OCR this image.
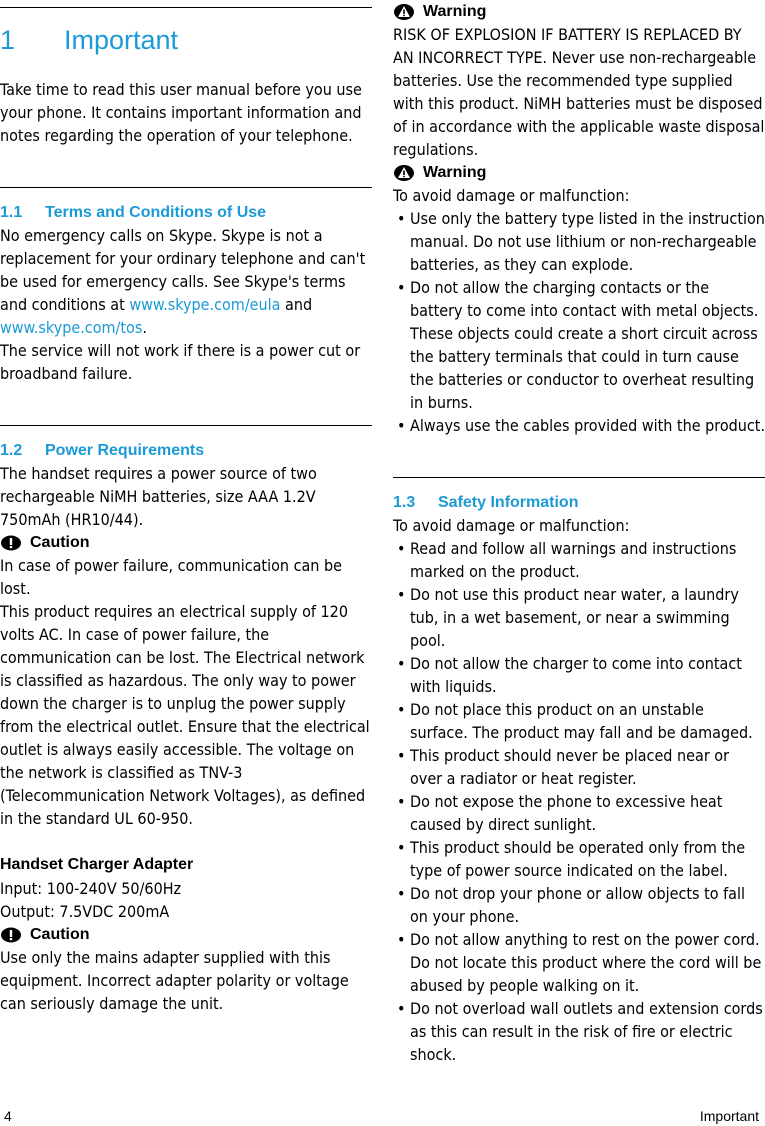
1	Important

Take time to read this user manual before you use your phone. It contains important information and notes regarding the operation of your telephone.

1.1	Terms and Conditions of Use

No emergency calls on Skype. Skype is not a replacement for your ordinary telephone and can't be used for emergency calls. See Skype's terms and conditions at www.skype.com/eula and www.skype.com/tos.

The service will not work if there is a power cut or broadband failure.

1.2	Power Requirements

The handset requires a power source of two rechargeable NiMH batteries, size AAA 1.2V 750mAh (HR10/44).

Caution

In case of power failure, communication can be lost.

This product requires an electrical supply of 120 volts AC. In case of power failure, the communication can be lost. The Electrical network is classified as hazardous. The only way to power down the charger is to unplug the power supply from the electrical outlet. Ensure that the electrical outlet is always easily accessible. The voltage on the network is classified as TNV-3 (Telecommunication Network Voltages), as defined in the standard UL 60-950.

Handset Charger Adapter

Input: 100-240V 50/60Hz

Output: 7.5VDC 200mA

Caution

Use only the mains adapter supplied with this equipment. Incorrect adapter polarity or voltage can seriously damage the unit.

Warning

RISK OF EXPLOSION IF BATTERY IS REPLACED BY AN INCORRECT TYPE. Never use non-rechargeable batteries. Use the recommended type supplied with this product. NiMH batteries must be disposed of in accordance with the applicable waste disposal regulations.

Warning

To avoid damage or malfunction:

• Use only the battery type listed in the instruction manual. Do not use lithium or non-rechargeable batteries, as they can explode.
• Do not allow the charging contacts or the battery to come into contact with metal objects. These objects could create a short circuit across the battery terminals that could in turn cause the batteries or conductor to overheat resulting in burns.
• Always use the cables provided with the product.
1.3	Safety Information

To avoid damage or malfunction:

• Read and follow all warnings and instructions marked on the product.
• Do not use this product near water, a laundry tub, in a wet basement, or near a swimming pool.
• Do not allow the charger to come into contact with liquids.
• Do not place this product on an unstable surface. The product may fall and be damaged.
• This product should never be placed near or over a radiator or heat register.
• Do not expose the phone to excessive heat caused by direct sunlight.
• This product should be operated only from the type of power source indicated on the label.
• Do not drop your phone or allow objects to fall on your phone.
• Do not allow anything to rest on the power cord. Do not locate this product where the cord will be abused by people walking on it.
• Do not overload wall outlets and extension cords as this can result in the risk of fire or electric shock.
4	Important
